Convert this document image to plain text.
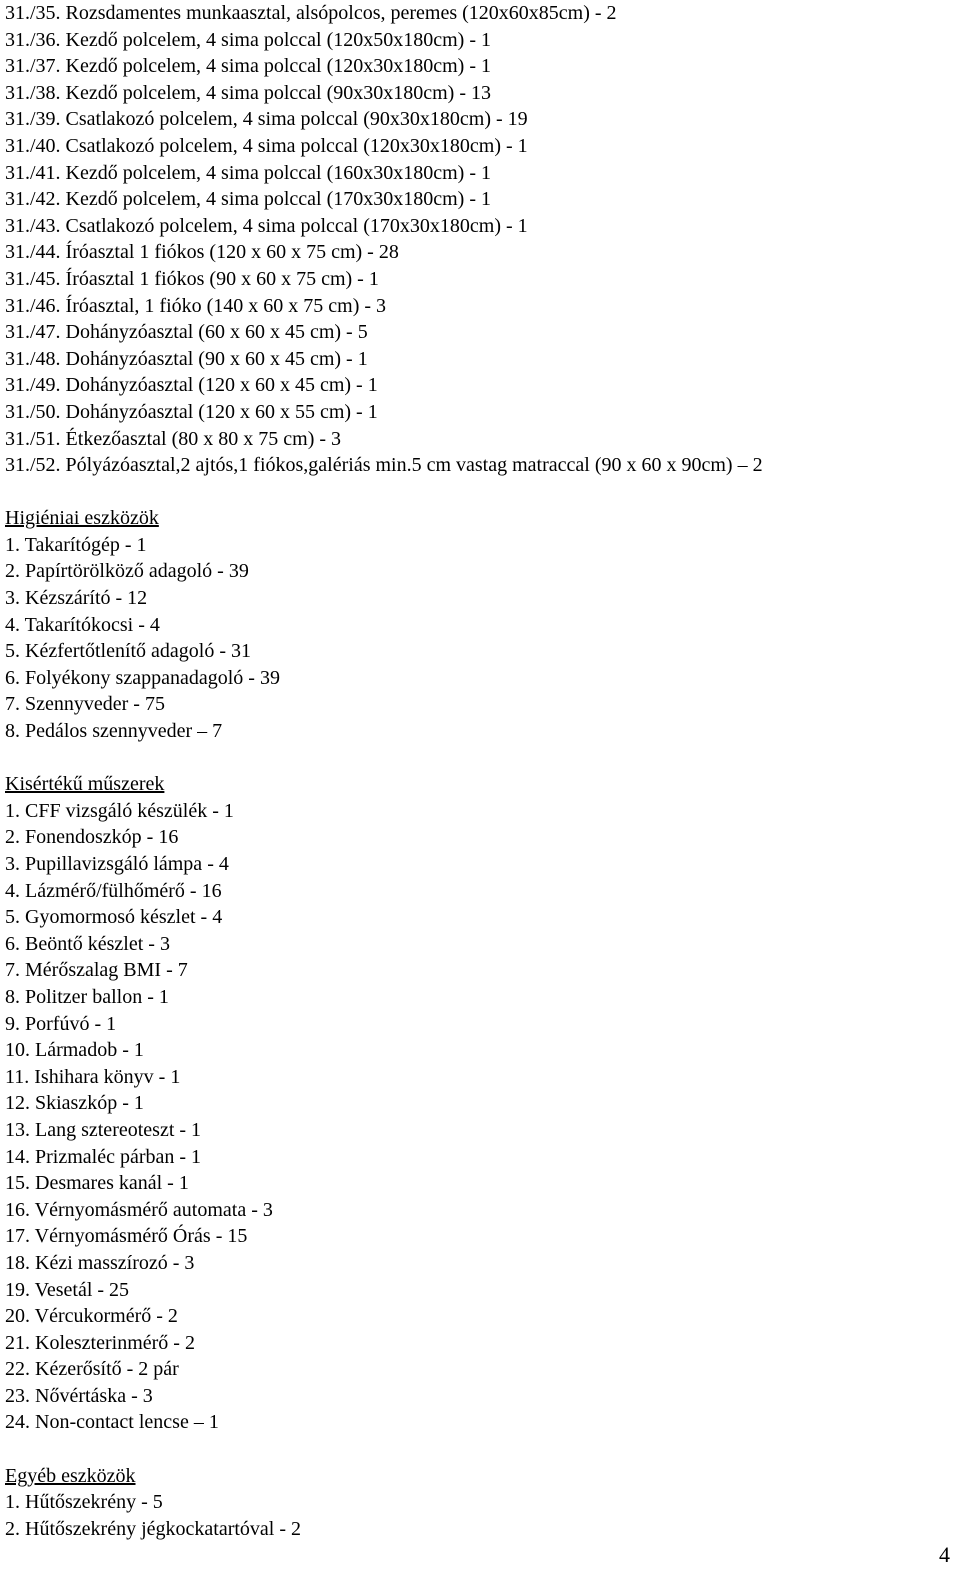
31./35. Rozsdamentes munkaasztal, alsópolcos, peremes (120x60x85cm) - 2
31./36. Kezdő polcelem, 4 sima polccal (120x50x180cm) - 1
31./37. Kezdő polcelem, 4 sima polccal (120x30x180cm) - 1
31./38. Kezdő polcelem, 4 sima polccal (90x30x180cm) - 13
31./39. Csatlakozó polcelem, 4 sima polccal (90x30x180cm) - 19
31./40. Csatlakozó polcelem, 4 sima polccal (120x30x180cm) - 1
31./41. Kezdő polcelem, 4 sima polccal (160x30x180cm) - 1
31./42. Kezdő polcelem, 4 sima polccal (170x30x180cm) - 1
31./43. Csatlakozó polcelem, 4 sima polccal (170x30x180cm) - 1
31./44. Íróasztal 1 fiókos (120 x 60 x 75 cm) - 28
31./45. Íróasztal 1 fiókos (90 x 60 x 75 cm) - 1
31./46. Íróasztal, 1 fióko (140 x 60 x 75 cm) - 3
31./47. Dohányzóasztal (60 x 60 x 45 cm) - 5
31./48. Dohányzóasztal (90 x 60 x 45 cm) - 1
31./49. Dohányzóasztal (120 x 60 x 45 cm) - 1
31./50. Dohányzóasztal (120 x 60 x 55 cm) - 1
31./51. Étkezőasztal (80 x 80 x 75 cm) - 3
31./52. Pólyázóasztal,2 ajtós,1 fiókos,galériás min.5 cm vastag matraccal (90 x 60 x 90cm) – 2
Higiéniai eszközök
1. Takarítógép - 1
2. Papírtörölköző adagoló - 39
3. Kézszárító - 12
4. Takarítókocsi - 4
5. Kézfertőtlenítő adagoló - 31
6. Folyékony szappanadagoló - 39
7. Szennyveder - 75
8. Pedálos szennyveder – 7
Kisértékű műszerek
1. CFF vizsgáló készülék - 1
2. Fonendoszkóp - 16
3. Pupillavizsgáló lámpa - 4
4. Lázmérő/fülhőmérő - 16
5. Gyomormosó készlet - 4
6. Beöntő készlet - 3
7. Mérőszalag BMI - 7
8. Politzer ballon - 1
9. Porfúvó - 1
10. Lármadob - 1
11. Ishihara könyv - 1
12. Skiaszkóp - 1
13. Lang sztereoteszt - 1
14. Prizmaléc párban - 1
15. Desmares kanál - 1
16. Vérnyomásmérő automata - 3
17. Vérnyomásmérő Órás - 15
18. Kézi masszírozó - 3
19. Vesetál - 25
20. Vércukormérő - 2
21. Koleszterinmérő - 2
22. Kézerősítő - 2 pár
23. Nővértáska - 3
24. Non-contact lencse – 1
Egyéb eszközök
1. Hűtőszekrény - 5
2. Hűtőszekrény jégkockatartóval - 2
4
